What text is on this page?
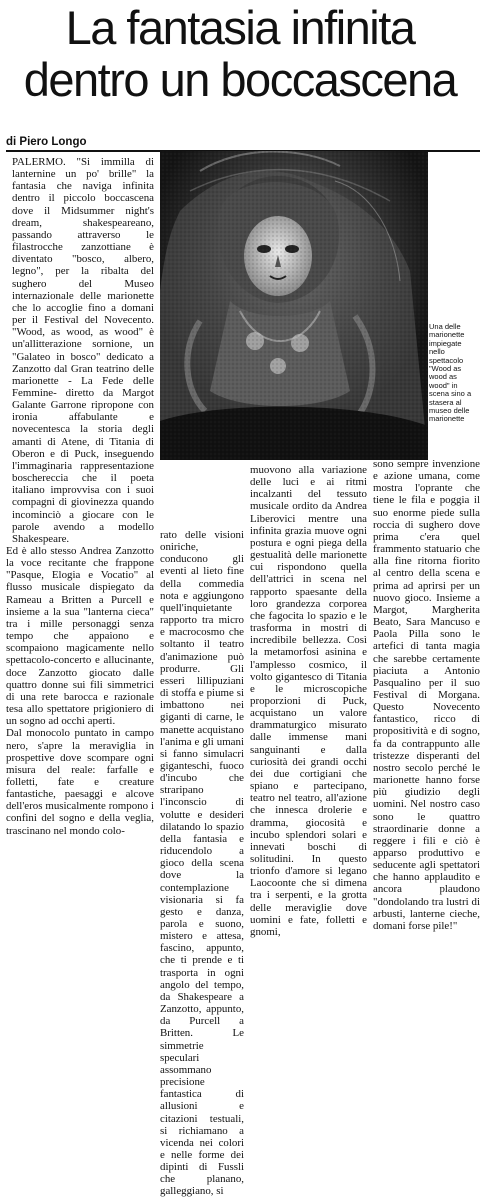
La fantasia infinita
dentro un boccascena
di Piero Longo

PALERMO. "Si immilla di lanternine un po' brille" la fantasia che naviga infinita dentro il piccolo boccascena dove il Midsummer night's dream, shakespeareano, passando attraverso le filastrocche zanzottiane è diventato "bosco, albero, legno", per la ribalta del sughero del Museo internazionale delle marionette che lo accoglie fino a domani per il Festival del Novecento. "Wood, as wood, as wood" è un'allitterazione sornione, un "Galateo in bosco" dedicato a Zanzotto dal Gran teatrino delle marionette - La Fede delle Femmine- diretto da Margot Galante Garrone ripropone con ironia affabulante e novecentesca la storia degli amanti di Atene, di Titania di Oberon e di Puck, inseguendo l'immaginaria rappresentazione boschereccia che il poeta italiano improvvisa con i suoi compagni di giovinezza quando incominciò a giocare con le parole avendo a modello Shakespeare.

Ed è allo stesso Andrea Zanzotto la voce recitante che frappone "Pasque, Elogia e Vocatio" al flusso musicale dispiegato da Rameau a Britten a Purcell e insieme a la sua "lanterna cieca" tra i mille personaggi senza tempo che appaiono e scompaiono magicamente nello spettacolo-concerto e allucinante, doce Zanzotto giocato dalle quattro donne sui fili simmetrici di una rete barocca e razionale tesa allo spettatore prigioniero di un sogno ad occhi aperti.

Dal monocolo puntato in campo nero, s'apre la meraviglia in prospettive dove scompare ogni misura del reale: farfalle e folletti, fate e creature fantastiche, paesaggi e alcove dell'eros musicalmente rompono i confini del sogno e della veglia, trascinano nel mondo colo-

Una delle marionette impiegate nello spettacolo "Wood as wood as wood" in scena sino a stasera al museo delle marionette
rato delle visioni oniriche, conducono gli eventi al lieto fine della commedia nota e aggiungono quell'inquietante rapporto tra micro e macrocosmo che soltanto il teatro d'animazione può produrre. Gli esseri lillipuziani di stoffa e piume si imbattono nei giganti di carne, le manette acquistano l'anima e gli umani si fanno simulacri giganteschi, fuoco d'incubo che straripano l'inconscio di volutte e desideri dilatando lo spazio della fantasia e riducendolo a gioco della scena dove la contemplazione visionaria si fa gesto e danza, parola e suono, mistero e attesa, fascino, appunto, che ti prende e ti trasporta in ogni angolo del tempo, da Shakespeare a Zanzotto, appunto, da Purcell a Britten. Le simmetrie speculari assommano precisione fantastica di allusioni e citazioni testuali, si richiamano a vicenda nei colori e nelle forme dei dipinti di Fussli che planano, galleggiano, si
muovono alla variazione delle luci e ai ritmi incalzanti del tessuto musicale ordito da Andrea Liberovici mentre una infinita grazia muove ogni postura e ogni piega della gestualità delle marionette cui rispondono quella dell'attrici in scena nel rapporto spaesante della loro grandezza corporea che fagocita lo spazio e le trasforma in mostri di incredibile bellezza. Così la metamorfosi asinina e l'amplesso cosmico, il volto gigantesco di Titania e le microscopiche proporzioni di Puck, acquistano un valore drammaturgico misurato dalle immense mani sanguinanti e dalla curiosità dei grandi occhi dei due cortigiani che spiano e partecipano, teatro nel teatro, all'azione che innesca drolerie e dramma, giocosità e incubo splendori solari e innevati boschi di solitudini. In questo trionfo d'amore si legano Laocoonte che si dimena tra i serpenti, e la grotta delle meraviglie dove uomini e fate, folletti e gnomi,
sono sempre invenzione e azione umana, come mostra l'oprante che tiene le fila e poggia il suo enorme piede sulla roccia di sughero dove prima c'era quel frammento statuario che alla fine ritorna fiorito al centro della scena e prima ad aprirsi per un nuovo gioco. Insieme a Margot, Margherita Beato, Sara Mancuso e Paola Pilla sono le artefici di tanta magia che sarebbe certamente piaciuta a Antonio Pasqualino per il suo Festival di Morgana. Questo Novecento fantastico, ricco di propositività e di sogno, fa da contrappunto alle tristezze disperanti del nostro secolo perché le marionette hanno forse più giudizio degli uomini. Nel nostro caso sono le quattro straordinarie donne a reggere i fili e ciò è apparso produttivo e seducente agli spettatori che hanno applaudito e ancora plaudono "dondolando tra lustri di arbusti, lanterne cieche, domani forse pile!"
